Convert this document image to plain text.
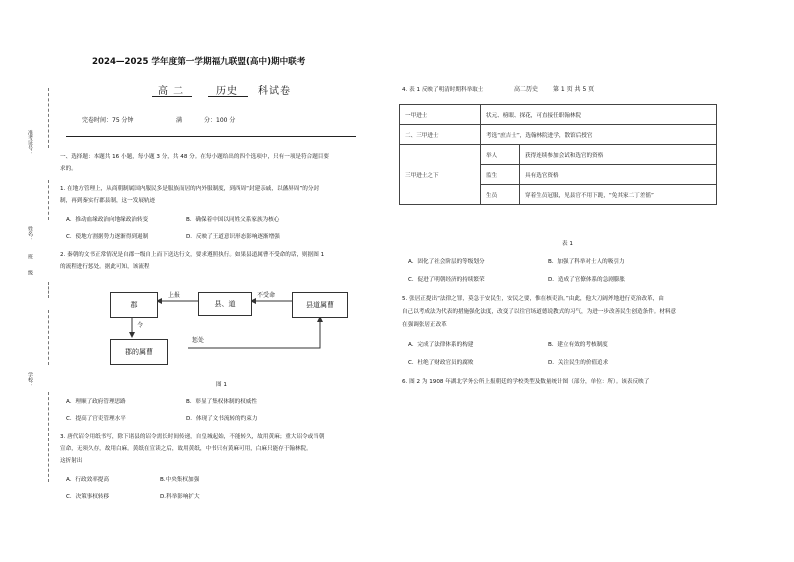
准考证号：
姓名：
班
级
学校：
2024—2025 学年度第一学期福九联盟(高中)期中联考
高 二	历史 科试卷
完卷时间：75 分钟	满	分：100 分
一、选择题：本题共 16 小题，每小题 3 分，共 48 分。在每小题给出的四个选项中，只有一项是符合题目要
求的。
1. 在地方管理上，从商朝制属国内服民多是服族而居的内外服制度，到西周“封建亲戚，以藩屏周”的分封
制，再到秦实行郡县制，这一发展轨迹
A．推动血缘政治向地缘政治转变	B．确保着中国以同姓父系家族为核心
C．使地方割据势力逐渐得到遏制	D．反映了王道意识形态影响逐渐增强
2. 秦朝的文书正常情况是自郡一级自上而下送达行文，要求遵照执行。如果县道属曹不受命的话，则据图 1
的流程进行惩处。据此可知，该流程
郡	县、道	县道属曹
郡的属曹
上报	不受命
令
惩处
图 1
A．理顺了政府管理思路	B．彰显了集权体制的权威性
C．提高了官吏管理水平	D．体现了文书流转的约束力
3. 唐代诏令用纸书写，除下诸县的诏令需长时间传递，自皇城起始，不能转久，故用黄麻；重大诏令或当朝
宣命，无须久存，故用白麻。黄纸在宣读之后，故用黄纸，中书只有黄麻可用，白麻只能存于翰林院。
这折射出
A．行政效率提高	B.中央集权加强
C．决策事权转移	D.科举影响扩大
4. 表 1 反映了明清时期科举取士	高二历史 第 1 页 共 5 页
一甲进士	状元、榜眼、探花，可直接任职翰林院	
二、三甲进士	考选“庶吉士”，选翰林院进学，散馆后授官	
三甲进士之下	举人	获得连续参加会试和选官的资格
	监生	具有选官资格
	生员	穿着生员冠服，见县官不用下跪，“免其家二丁差徭”
表 1
A．固化了社会阶层的等级划分	B．加强了科举对士人的吸引力
C．促进了明朝经济的持续繁荣	D．造成了官僚体系的急剧膨胀
5. 张居正提出“法律之罪，莫急于安民生，安民之要，惟在核吏治。”由此，他大刀阔斧地进行吏治改革，由
自己以考成法为代表的措施强化法度，改变了以往官场道德说教式的习气，为进一步改善民生创造条件。材料意
在强调张居正改革
A．完成了法律体系的构建	B．建立有效的考核制度
C．杜绝了财政官员的腐败	D．关注民生的价值追求
6. 图 2 为 1908 年湖北学务公所上报朝廷的学校类型及数量统计图（部分，单位：所）。该表反映了
